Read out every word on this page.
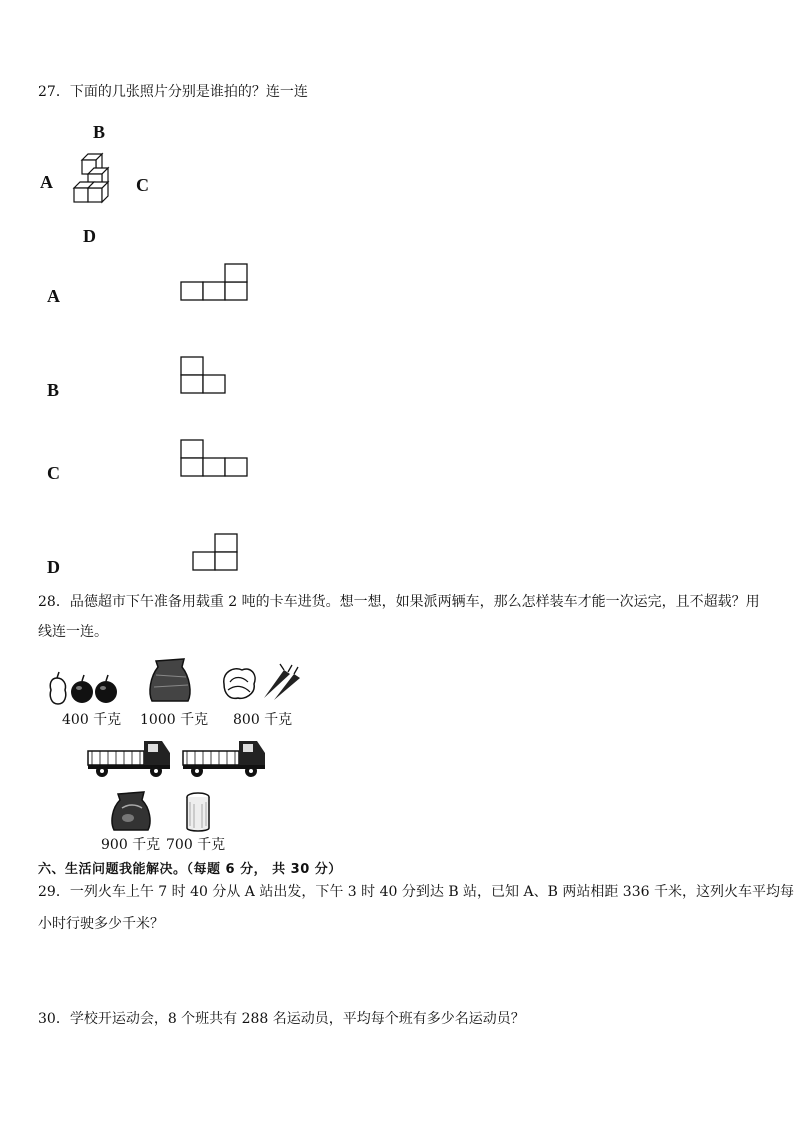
27．下面的几张照片分别是谁拍的？连一连
B
A	C
D
A
B
C
D
28．品德超市下午准备用载重 2 吨的卡车进货。想一想，如果派两辆车，那么怎样装车才能一次运完，且不超载？用
线连一连。
400 千克 1000 千克 800 千克
900 千克 700 千克
六、生活问题我能解决。（每题 6 分， 共 30 分）
29．一列火车上午 7 时 40 分从 A 站出发，下午 3 时 40 分到达 B 站，已知 A、B 两站相距 336 千米，这列火车平均每
小时行驶多少千米？
30．学校开运动会，8 个班共有 288 名运动员，平均每个班有多少名运动员？
